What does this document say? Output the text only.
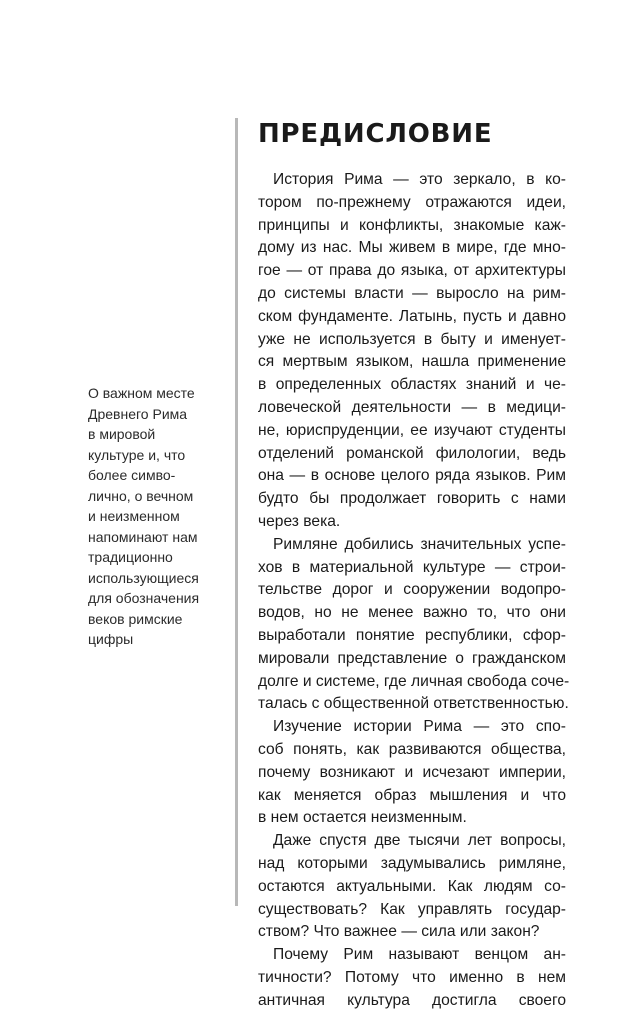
О важном месте
Древнего Рима
в мировой
культуре и, что
более симво-
лично, о вечном
и неизменном
напоминают нам
традиционно
использующиеся
для обозначения
веков римские
цифры
ПРЕДИСЛОВИЕ

История Рима — это зеркало, в ко-
тором по-прежнему отражаются идеи,
принципы и конфликты, знакомые каж-
дому из нас. Мы живем в мире, где мно-
гое — от права до языка, от архитектуры
до системы власти — выросло на рим-
ском фундаменте. Латынь, пусть и давно
уже не используется в быту и именует-
ся мертвым языком, нашла применение
в определенных областях знаний и че-
ловеческой деятельности — в медици-
не, юриспруденции, ее изучают студенты
отделений романской филологии, ведь
она — в основе целого ряда языков. Рим
будто бы продолжает говорить с нами
через века.

Римляне добились значительных успе-
хов в материальной культуре — строи-
тельстве дорог и сооружении водопро-
водов, но не менее важно то, что они
выработали понятие республики, сфор-
мировали представление о гражданском
долге и системе, где личная свобода соче-
талась с общественной ответственностью.

Изучение истории Рима — это спо-
соб понять, как развиваются общества,
почему возникают и исчезают империи,
как меняется образ мышления и что
в нем остается неизменным.

Даже спустя две тысячи лет вопросы,
над которыми задумывались римляне,
остаются актуальными. Как людям со-
существовать? Как управлять государ-
ством? Что важнее — сила или закон?

Почему Рим называют венцом ан-
тичности? Потому что именно в нем
античная культура достигла своего
